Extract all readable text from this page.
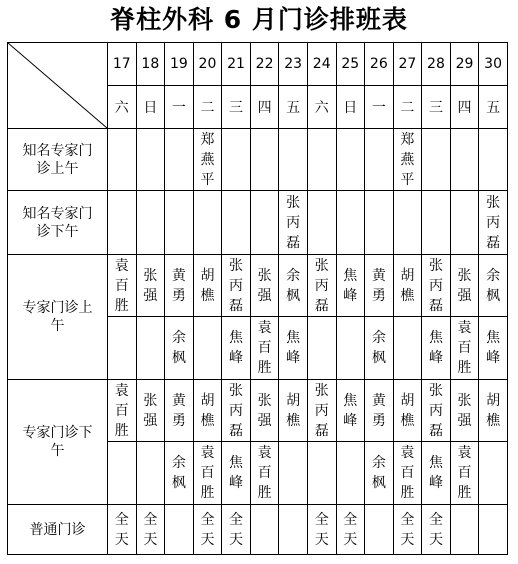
脊柱外科 6 月门诊排班表
	17	18	19	20	21	22	23	24	25	26	27	28	29	30
	六	日	一	二	三	四	五	六	日	一	二	三	四	五

知名专家门诊上午				郑燕平							郑燕平			

知名专家门诊下午							张丙磊							张丙磊

专家门诊上午	袁百胜	张强	黄勇	胡樵	张丙磊	张强	余枫	张丙磊	焦峰	黄勇	胡樵	张丙磊	张强	余枫

			余枫		焦峰	袁百胜	焦峰			余枫		焦峰	袁百胜	焦峰

专家门诊下午	袁百胜	张强	黄勇	胡樵	张丙磊	张强	胡樵	张丙磊	焦峰	黄勇	胡樵	张丙磊	张强	胡樵

			余枫	袁百胜	焦峰	袁百胜				余枫	袁百胜	焦峰	袁百胜	

普通门诊	全天	全天		全天	全天			全天	全天		全天	全天		
